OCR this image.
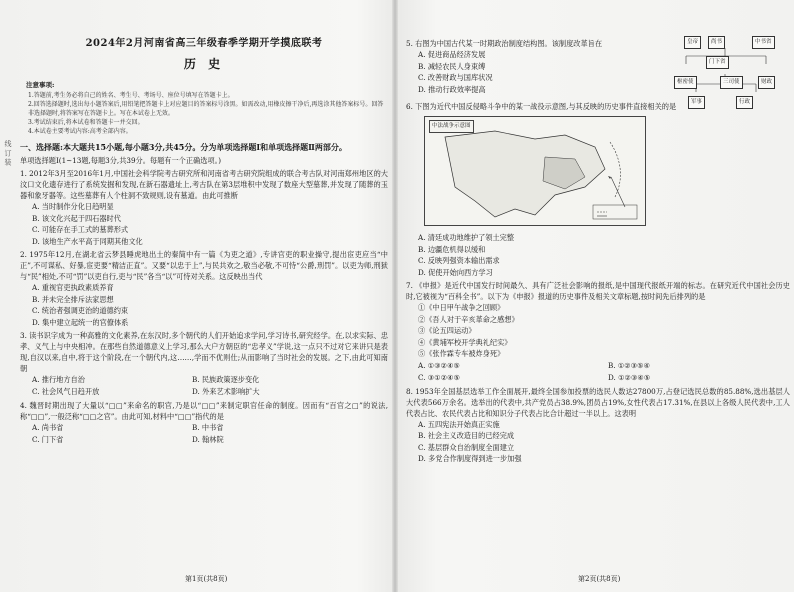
线 订 装
2024年2月河南省高三年级春季学期开学摸底联考
历 史
注意事项:
1.答题前,考生务必将自己的姓名、考生号、考场号、座位号填写在答题卡上。
2.回答选择题时,选出每小题答案后,用铅笔把答题卡上对应题目的答案标号涂黑。如需改动,用橡皮擦干净后,再选涂其他答案标号。回答非选择题时,将答案写在答题卡上。写在本试卷上无效。
3.考试结束后,将本试卷和答题卡一并交回。
4.本试卷主要考试内容:高考全部内容。
一、选择题:本大题共15小题,每小题3分,共45分。分为单项选择题Ⅰ和单项选择题Ⅱ两部分。
单项选择题Ⅰ(1~13题,每题3分,共39分。每题有一个正确选项。)
1. 2012年3月至2016年1月,中国社会科学院考古研究所和河南省考古研究院组成的联合考古队对河南郑州地区的大汶口文化遗存进行了系统发掘和发现,在新石器遗址上,考古队在第3层堆积中发现了数座大型墓葬,并发现了随葬的玉器和象牙器等。这些墓葬有人个柱洞不致规则,设有墓道。由此可推断
A. 当时制作分化日趋明显
B. 该文化兴起于四石器时代
C. 可能存在手工式的墓葬形式
D. 该地生产水平高于同期其他文化
2. 1975年12月,在湖北省云梦县睡虎地出土的秦简中有一篇《为吏之道》,专讲官吏的职业操守,提出宦吏应当“中正”,不可谋私、好暴,宦吏要“精洁正直”。又要“以忠于上”,与民共欢之,敬当必敬,不可恃“公爵,刑罚”。以吏为师,刑狱与“民”相处,不可“罚”以吏自行,吏与“民”各当“以”可恃对关系。这反映出当代
A. 重视官吏执政素质养育
B. 并未完全排斥法家思想
C. 统治者强调吏治的道德约束
D. 集中建立起统一的官僚体系
3. 读书识字成为一种高雅的文化素养,在东汉时,多个朝代的人们开始追求学问,学习诗书,研究经学。在,以求实际、忠孝、义气上与中央相冲。在那些自然道德意义上学习,那么大户方朝臣的“忠孝义”学说,这一点只不过对它来讲只是表现,自汉以来,自中,将于这个阶段,在一个朝代内,这……,学而不优则仕;从而影响了当时社会的发展。之下,由此可知南朝
A. 推行地方自治	B. 民族政策逐步变化
C. 社会风气日趋开放	D. 外来艺术影响扩大
4. 魏晋时期出现了大量以“□□”来命名的职官,乃是以“□□”来制定职官任命的制度。因而有“百官之□”的说法,称“□□”,一般泛称“□□之官”。由此可知,材料中“□□”指代的是
A. 尚书省	B. 中书省
C. 门下省	D. 翰林院
第1页(共8页)
5. 右图为中国古代某一时期政治制度结构图。该制度改革旨在
A. 促进商品经济发展
B. 减轻农民人身束缚
C. 改善财政与国库状况
D. 推动行政效率提高
皇帝	尚书	中书省
门下省
枢密使	三司使	财政
军事	行政
6. 下图为近代中国反侵略斗争中的某一战役示意图,与其反映的历史事件直接相关的是
中法战争示意图
A. 清廷成功地维护了领土完整
B. 边疆危机得以缓和
C. 反映列强资本输出需求
D. 促使开始向西方学习
7. 《申报》是近代中国发行时间最久、具有广泛社会影响的报纸,是中国现代报纸开端的标志。在研究近代中国社会历史时,它被视为“百科全书”。以下为《申报》报道的历史事件及相关文章标题,按时间先后排列的是
①《中日甲午战争之回顾》
②《吾人对于辛亥革命之感想》
③《论五四运动》
④《黄埔军校开学典礼纪实》
⑤《张作霖专车被炸身死》
A. ①③②④⑤	B. ①②③⑤④
C. ③①②④⑤	D. ①②③④⑤
8. 1953年全国基层选举工作全面展开,最终全国参加投票的选民人数达27800万,占登记选民总数的85.88%,选出基层人大代表566万余名。选举出的代表中,共产党员占38.9%,团员占19%,女性代表占17.31%,在县以上各级人民代表中,工人代表占比、农民代表占比和知识分子代表占比合计超过一半以上。这表明
A. 五四宪法开始真正实施
B. 社会主义改造目的已经完成
C. 基层群众自治制度全面建立
D. 多党合作制度得到进一步加强
第2页(共8页)
